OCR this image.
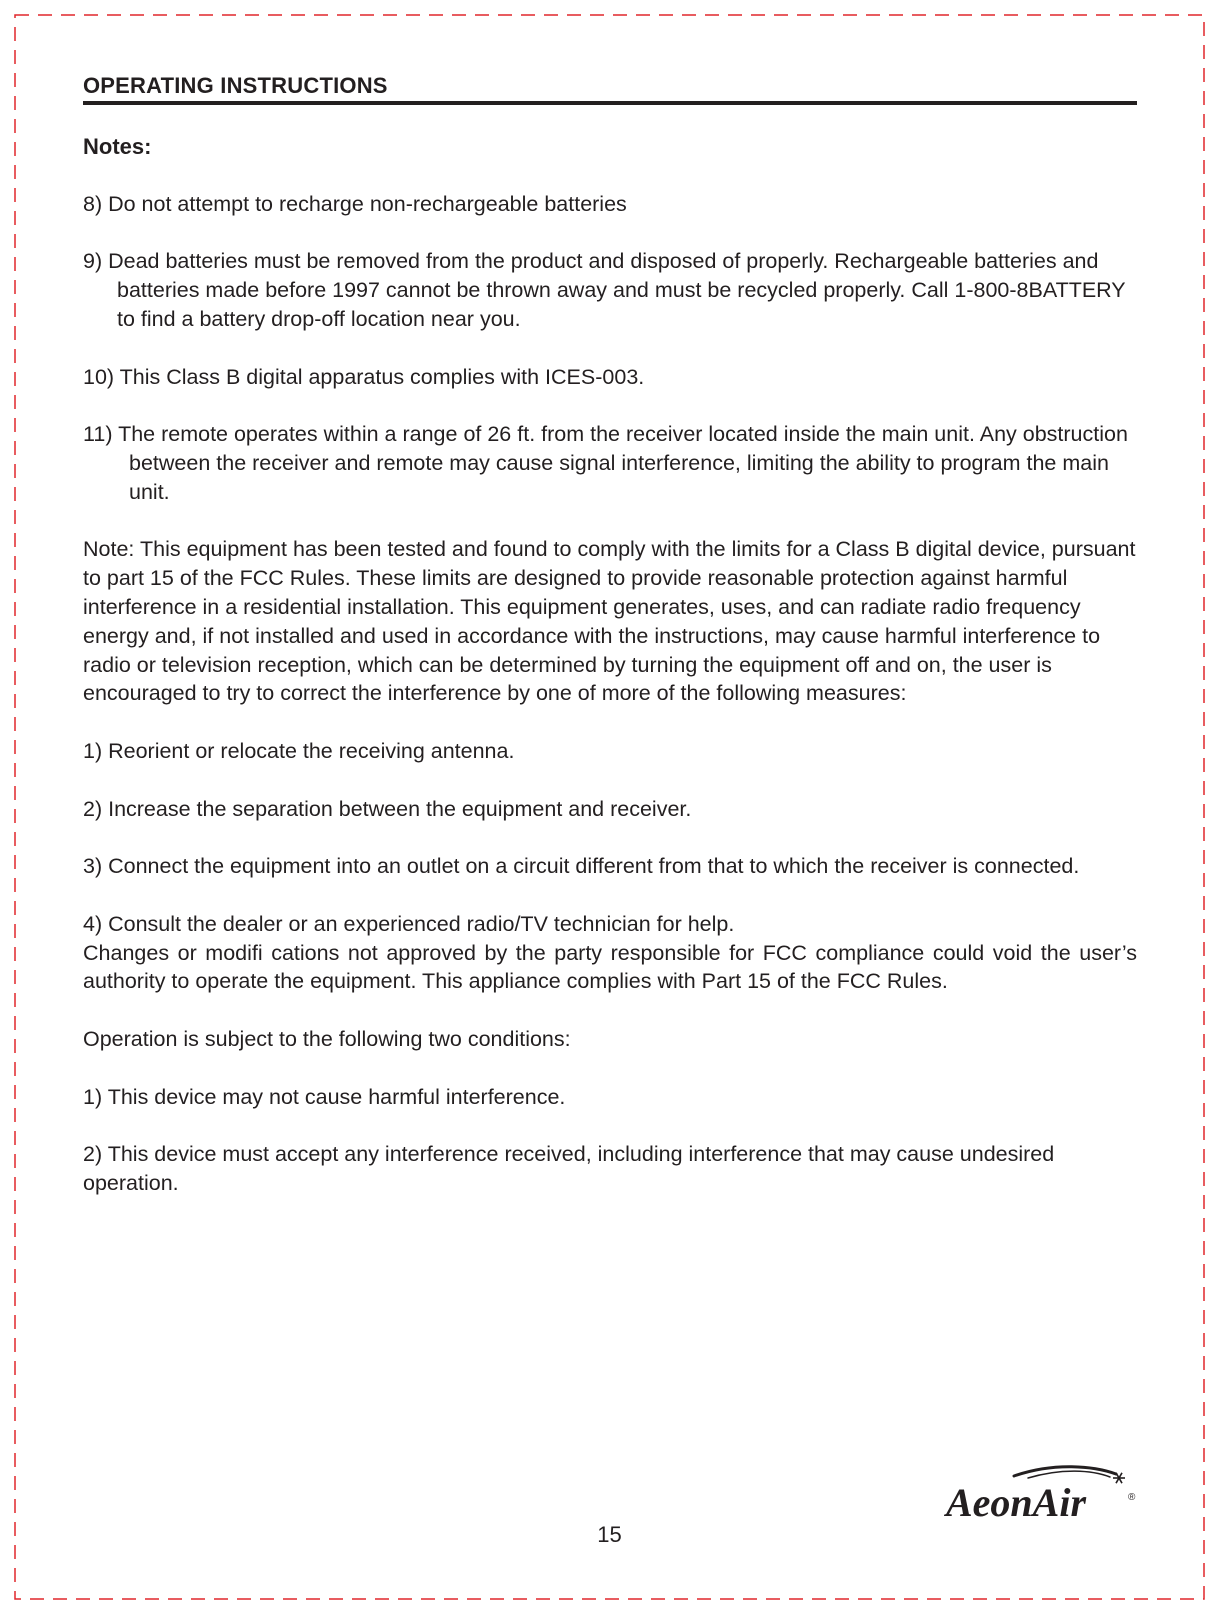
OPERATING INSTRUCTIONS
Notes:

8) Do not attempt to recharge non-rechargeable batteries

9) Dead batteries must be removed from the product and disposed of properly. Rechargeable batteries and batteries made before 1997 cannot be thrown away and must be recycled properly. Call 1-800-8BATTERY to find a battery drop-off location near you.

10) This Class B digital apparatus complies with ICES-003.

11) The remote operates within a range of 26 ft. from the receiver located inside the main unit. Any obstruction between the receiver and remote may cause signal interference, limiting the ability to program the main unit.

Note: This equipment has been tested and found to comply with the limits for a Class B digital device, pursuant to part 15 of the FCC Rules. These limits are designed to provide reasonable protection against harmful interference in a residential installation. This equipment generates, uses, and can radiate radio frequency energy and, if not installed and used in accordance with the instructions, may cause harmful interference to radio or television reception, which can be determined by turning the equipment off and on, the user is encouraged to try to correct the interference by one of more of the following measures:

1) Reorient or relocate the receiving antenna.

2) Increase the separation between the equipment and receiver.

3) Connect the equipment into an outlet on a circuit different from that to which the receiver is connected.

4) Consult the dealer or an experienced radio/TV technician for help.

Changes or modifi cations not approved by the party responsible for FCC compliance could void the user’s authority to operate the equipment. This appliance complies with Part 15 of the FCC Rules.

Operation is subject to the following two conditions:

1) This device may not cause harmful interference.

2) This device must accept any interference received, including interference that may cause undesired operation.

AeonAir	®
15
